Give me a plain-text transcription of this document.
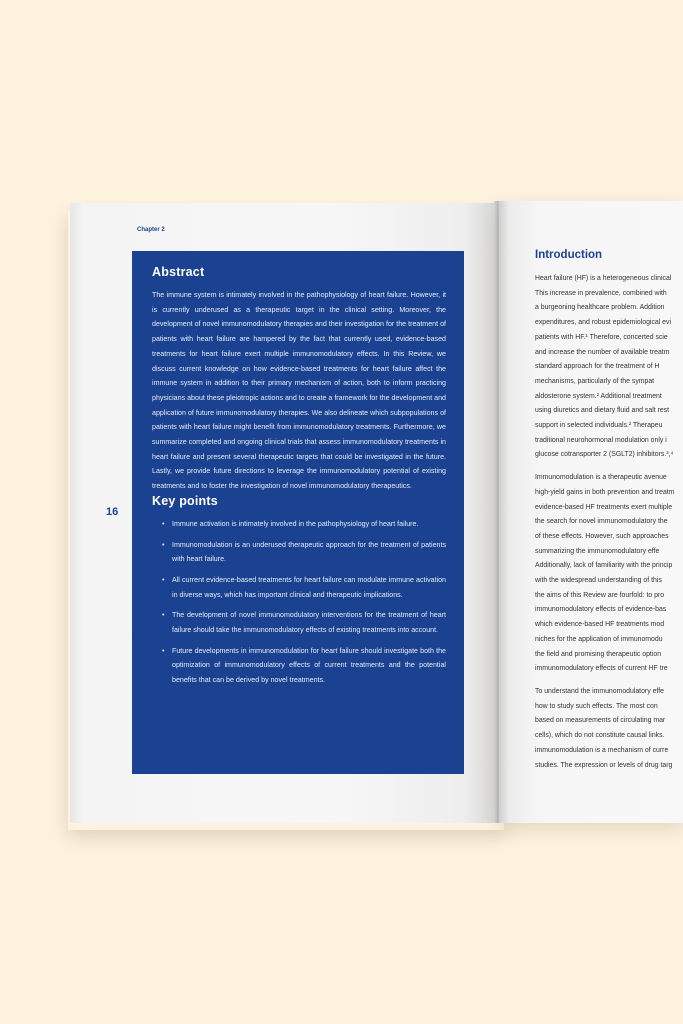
Chapter 2
16
Abstract

The immune system is intimately involved in the pathophysiology of heart failure. However, it is currently underused as a therapeutic target in the clinical setting. Moreover, the development of novel immunomodulatory therapies and their investigation for the treatment of patients with heart failure are hampered by the fact that currently used, evidence-based treatments for heart failure exert multiple immunomodulatory effects. In this Review, we discuss current knowledge on how evidence-based treatments for heart failure affect the immune system in addition to their primary mechanism of action, both to inform practicing physicians about these pleiotropic actions and to create a framework for the development and application of future immunomodulatory therapies. We also delineate which subpopulations of patients with heart failure might benefit from immunomodulatory treatments. Furthermore, we summarize completed and ongoing clinical trials that assess immunomodulatory treatments in heart failure and present several therapeutic targets that could be investigated in the future. Lastly, we provide future directions to leverage the immunomodulatory potential of existing treatments and to foster the investigation of novel immunomodulatory therapeutics.

Key points
• Immune activation is intimately involved in the pathophysiology of heart failure.
• Immunomodulation is an underused therapeutic approach for the treatment of patients with heart failure.
• All current evidence-based treatments for heart failure can modulate immune activation in diverse ways, which has important clinical and therapeutic implications.
• The development of novel immunomodulatory interventions for the treatment of heart failure should take the immunomodulatory effects of existing treatments into account.
• Future developments in immunomodulation for heart failure should investigate both the optimization of immunomodulatory effects of current treatments and the potential benefits that can be derived by novel treatments.
Introduction

Heart failure (HF) is a heterogeneous clinical
This increase in prevalence, combined with
a burgeoning healthcare problem. Addition
expenditures, and robust epidemiological evi
patients with HF.¹ Therefore, concerted scie
and increase the number of available treatm
standard approach for the treatment of H
mechanisms, particularly of the sympat
aldosterone system.² Additional treatment
using diuretics and dietary fluid and salt rest
support in selected individuals.² Therapeu
traditional neurohormonal modulation only i
glucose cotransporter 2 (SGLT2) inhibitors.³,⁴

Immunomodulation is a therapeutic avenue
high-yield gains in both prevention and treatm
evidence-based HF treatments exert multiple
the search for novel immunomodulatory the
of these effects. However, such approaches
summarizing the immunomodulatory effe
Additionally, lack of familiarity with the princip
with the widespread understanding of this
the aims of this Review are fourfold: to pro
immunomodulatory effects of evidence-bas
which evidence-based HF treatments mod
niches for the application of immunomodu
the field and promising therapeutic option
immunomodulatory effects of current HF tre

To understand the immunomodulatory effe
how to study such effects. The most con
based on measurements of circulating mar
cells), which do not constitute causal links.
immunomodulation is a mechanism of curre
studies. The expression or levels of drug targ
